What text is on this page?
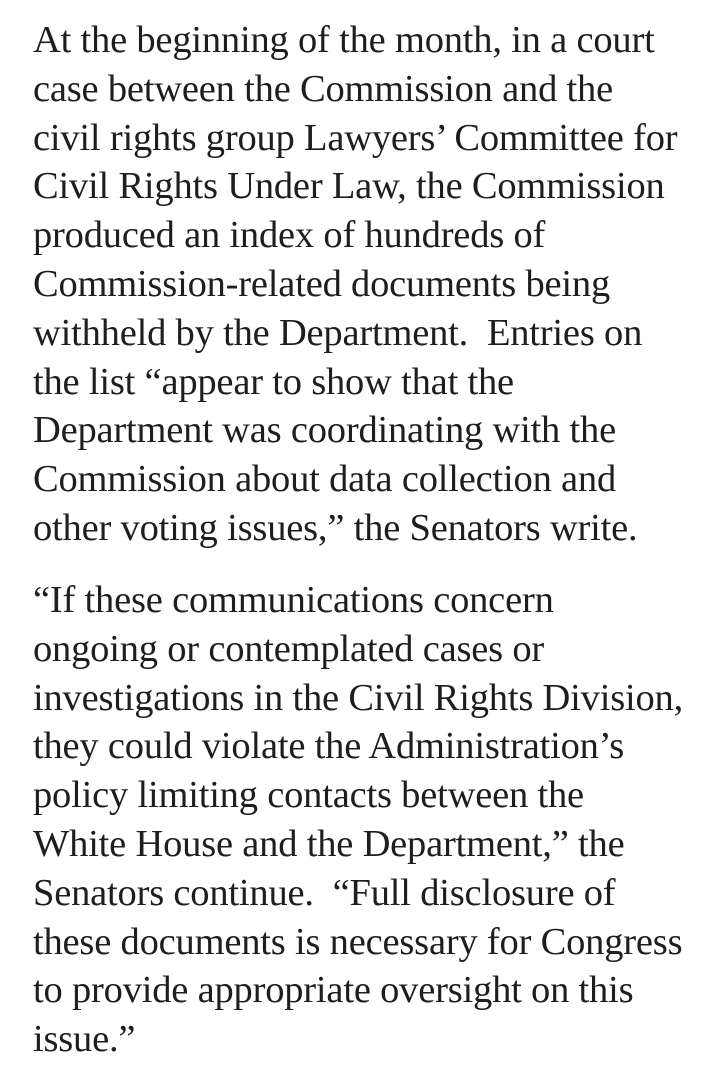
At the beginning of the month, in a court
case between the Commission and the
civil rights group Lawyers’ Committee for
Civil Rights Under Law, the Commission
produced an index of hundreds of
Commission-related documents being
withheld by the Department.  Entries on
the list “appear to show that the
Department was coordinating with the
Commission about data collection and
other voting issues,” the Senators write.
“If these communications concern
ongoing or contemplated cases or
investigations in the Civil Rights Division,
they could violate the Administration’s
policy limiting contacts between the
White House and the Department,” the
Senators continue.  “Full disclosure of
these documents is necessary for Congress
to provide appropriate oversight on this
issue.”
